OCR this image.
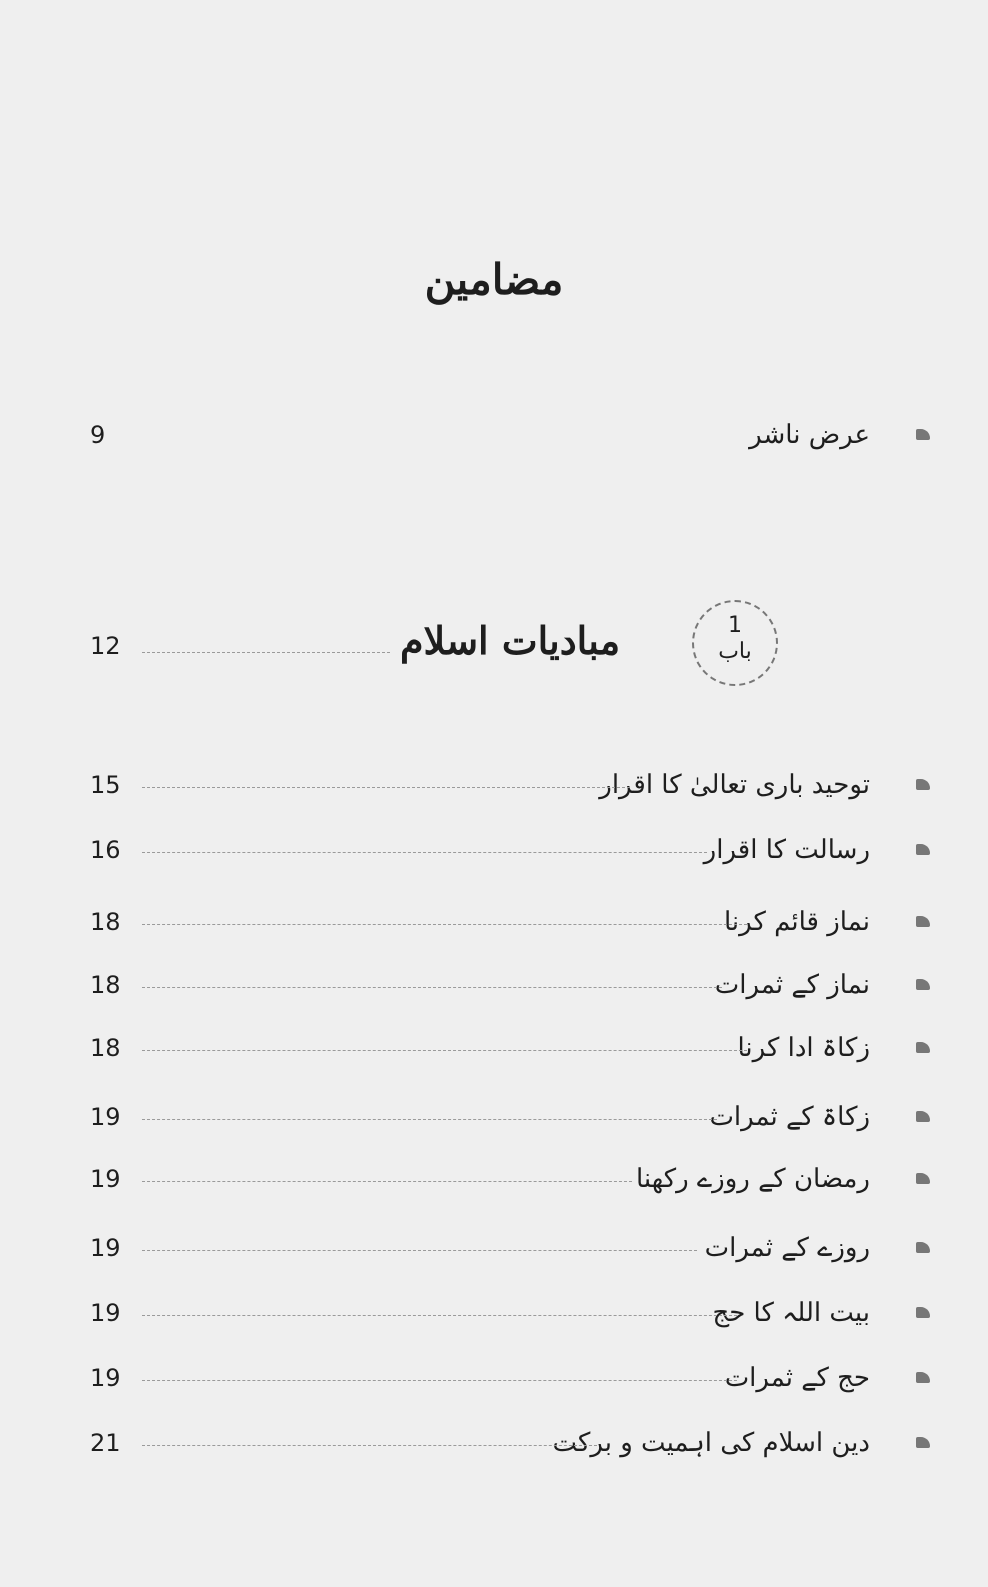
مضامین
عرض ناشر
9
1
باب
مبادیات اسلام
12
توحید باری تعالیٰ کا اقرار
15
رسالت کا اقرار
16
نماز قائم کرنا
18
نماز کے ثمرات
18
زکاۃ ادا کرنا
18
زکاۃ کے ثمرات
19
رمضان کے روزے رکھنا
19
روزے کے ثمرات
19
بیت اللہ کا حج
19
حج کے ثمرات
19
دین اسلام کی اہمیت و برکت
21
